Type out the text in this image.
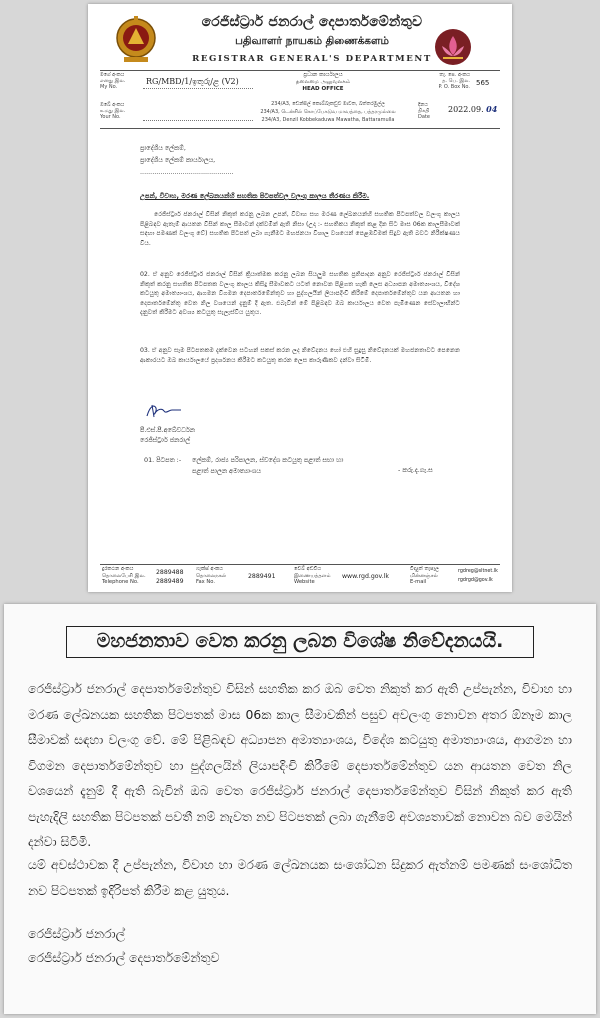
රෙජිස්ට්‍රාර් ජනරාල් දෙපාර්තමේන්තුව
பதிவாளர் நாயகம் திணைக்களம்
REGISTRAR GENERAL'S DEPARTMENT
මගේ අංකය
எனது இல.
My No.
RG/MBD/1/ඉතුරු/ළ (V2)
ප්‍රධාන කාර්යාලය
தலைமை அலுவலகம்
HEAD OFFICE
තැ. පෙ. අංකය
த. பெ. இல.
P. O. Box No. 565
ඔබේ අංකය
உமது இல.
Your No.
234/A3, ඩෙන්සිල් කොබ්බෑකඩුව මාවත, බත්තරමුල්ල
234/A3, டென்சில் கொப்பேகடுவ மாவத்தை, பத்தரமுல்லை
234/A3, Denzil Kobbekaduwa Mawatha, Battaramulla
දිනය
திகதி
Date
2022.09. 04
ප්‍රාදේශීය ලේකම්,
ප්‍රාදේශීය ලේකම් කාර්යාලය,
..............................................
උපන්, විවාහ, මරණ ලේඛනයන්හි සහතික පිටපත්වල වලංගු කාලය තීරණය කිරීම.
රෙජිස්ට්‍රාර් ජනරාල් විසින් නිකුත් කරනු ලබන උපන්, විවාහ සහ මරණ ලේඛනයන්හි සහතික පිටපත්වල වලංගු කාලය පිළිබඳව ඇතැම් ආයතන විසින් කාල සීමාවන් දක්වමින් ඇති නිසා (උදා :- සහතිකය නිකුත් කළ දින සිට මාස 06ක කාලසීමාවක් සඳහා පමණක් වලංගු වේ) සහතික පිටපත් ලබා ගැනීමට මහජනයා විශාල වශයෙන් පෙළඹවීමක් සිදුව ඇති බවට නිරීක්ෂණය විය.
02. ඒ අනුව රෙජිස්ට්‍රාර් ජනරාල් විසින් ක්‍රියාත්මක කරනු ලබන සියලුම සහතික ප්‍රතිපාදන අනුව රෙජිස්ට්‍රාර් ජනරාල් විසින් නිකුත් කරනු සහතික පිටපතක වලංගු කාලය කිසිදු සීමාවකට යටත් නොවන පිළිගත හැකි ලෙස අධ්‍යාපන අමාත්‍යාංශය, විදේශ කටයුතු අමාත්‍යාංශය, ආගමන විගමන දෙපාර්තමේන්තුව හා පුද්ගලයින් ලියාපදිංචි කිරීමේ දෙපාර්තමේන්තුව යන ආයතන හා දෙපාර්තමේන්තු වෙත නිල වශයෙන් දැනුම් දී ඇත. එබැවින් මේ පිළිබඳව ඔබ කාර්යාලය වෙත පැමිණෙන සේවාලාභීන්ට දැනුවත් කිරීමට අවශ්‍ය කටයුතු සැලැස්විය යුතුය.
03. ඒ අනුව සෑම පිටපතකම දැක්වෙන සටහන් සකස් කරන ලද නිවේදනය හෝ එහි සුදුසු නිවේදනයක් මහජනතාවට පෙනෙන ආකාරයට ඔබ කාර්යාලයේ ප්‍රදර්ශනය කිරීමට කටයුතු කරන ලෙස කාරුණිකව දන්වා සිටිමි.
පී.එස්.පී.අබේවර්ධන
රෙජිස්ට්‍රාර් ජනරාල්
01. පිටපත :- ලේකම්, රාජ්‍ය පරිපාලන, ස්වදේශ කටයුතු පළාත් සභා හා
පළාත් පාලන අමාත්‍යාංශය	- කරු.දැ.ගැ.ස
දුරකථන අංකය
தொலைபேசி இல.
Telephone No.
2889488
2889489
ෆැක්ස් අංකය
தொலைநகல்
Fax No.
2889491
වෙබ් අඩවිය
இணையத்தளம்
Website
www.rgd.gov.lk
විද්‍යුත් තැපෑල
மின்னஞ்சல்
E-mail
rgdreg@sltnet.lk
rgdrgd@gov.lk
මහජනතාව වෙත කරනු ලබන විශේෂ නිවේදනයයි.
රෙජිස්ට්‍රාර් ජනරාල් දෙපාර්තමේන්තුව විසින් සහතික කර ඔබ වෙත නිකුත් කර ඇති උප්පැන්න, විවාහ හා මරණ ලේඛනයක සහතික පිටපතක් මාස 06ක කාල සීමාවකින් පසුව අවලංගු නොවන අතර ඕනෑම කාල සීමාවක් සඳහා වලංගු වේ. මේ පිළිබඳව අධ්‍යාපන අමාත්‍යාංශය, විදේශ කටයුතු අමාත්‍යාංශය, ආගමන හා විගමන දෙපාර්තමේන්තුව හා පුද්ගලයින් ලියාපදිංචි කිරීමේ දෙපාර්තමේන්තුව යන ආයතන වෙත නිල වශයෙන් දැනුම් දී ඇති බැවින් ඔබ වෙත රෙජිස්ට්‍රාර් ජනරාල් දෙපාර්තමේන්තුව විසින් නිකුත් කර ඇති පැහැදිලි සහතික පිටපතක් පවතී නම් නැවත නව පිටපතක් ලබා ගැනීමේ අවශ්‍යතාවක් නොවන බව මෙයින් දන්වා සිටිමි.
යම් අවස්ථාවක දී උප්පැන්න, විවාහ හා මරණ ලේඛනයක සංශෝධන සිදුකර ඇත්නම් පමණක් සංශෝධිත නව පිටපතක් ඉදිරිපත් කිරීම කළ යුතුය.
රෙජිස්ට්‍රාර් ජනරාල්
රෙජිස්ට්‍රාර් ජනරාල් දෙපාර්තමේන්තුව
